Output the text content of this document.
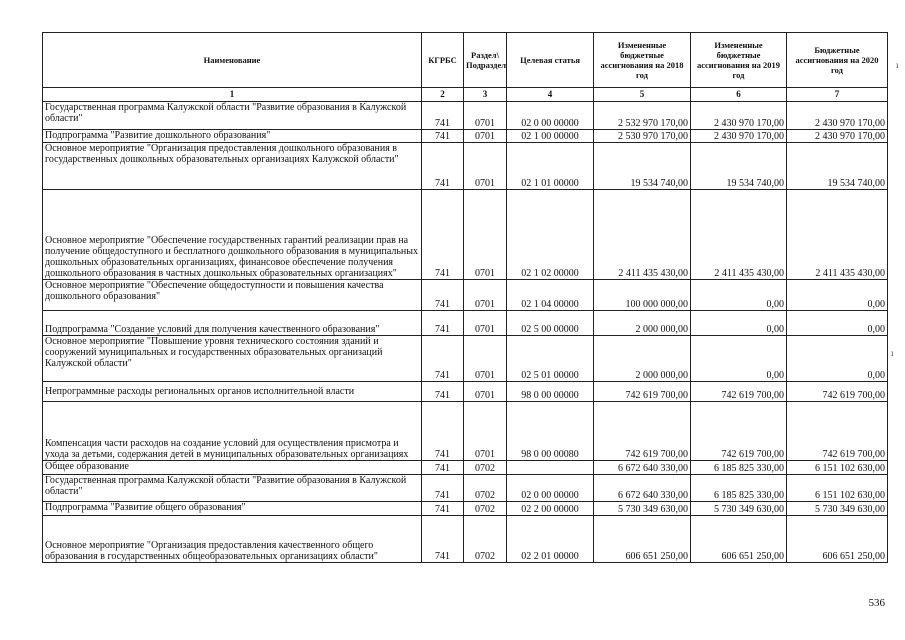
Наименование	КГРБС	Раздел\ Подраздел	Целевая статья	Измененные бюджетные ассигнования на 2018 год	Измененные бюджетные ассигнования на 2019 год	Бюджетные ассигнования на 2020 год
1	2	3	4	5	6	7
Государственная программа Калужской области "Развитие образования в Калужской области"	741	0701	02 0 00 00000	2 532 970 170,00	2 430 970 170,00	2 430 970 170,00
Подпрограмма "Развитие дошкольного образования"	741	0701	02 1 00 00000	2 530 970 170,00	2 430 970 170,00	2 430 970 170,00
Основное мероприятие "Организация предоставления дошкольного образования в государственных дошкольных образовательных организациях Калужской области"	741	0701	02 1 01 00000	19 534 740,00	19 534 740,00	19 534 740,00
Основное мероприятие "Обеспечение государственных гарантий реализации прав на получение общедоступного и бесплатного дошкольного образования в муниципальных дошкольных образовательных организациях, финансовое обеспечение получения дошкольного образования в частных дошкольных образовательных организациях"	741	0701	02 1 02 00000	2 411 435 430,00	2 411 435 430,00	2 411 435 430,00
Основное мероприятие "Обеспечение общедоступности и повышения качества дошкольного образования"	741	0701	02 1 04 00000	100 000 000,00	0,00	0,00
Подпрограмма "Создание условий для получения качественного образования"	741	0701	02 5 00 00000	2 000 000,00	0,00	0,00
Основное мероприятие "Повышение уровня технического состояния зданий и сооружений муниципальных и государственных образовательных организаций Калужской области"	741	0701	02 5 01 00000	2 000 000,00	0,00	0,00
Непрограммные расходы региональных органов исполнительной власти	741	0701	98 0 00 00000	742 619 700,00	742 619 700,00	742 619 700,00
Компенсация части расходов на создание условий для осуществления присмотра и ухода за детьми, содержания детей в муниципальных образовательных организациях	741	0701	98 0 00 00080	742 619 700,00	742 619 700,00	742 619 700,00
Общее образование	741	0702		6 672 640 330,00	6 185 825 330,00	6 151 102 630,00
Государственная программа Калужской области "Развитие образования в Калужской области"	741	0702	02 0 00 00000	6 672 640 330,00	6 185 825 330,00	6 151 102 630,00
Подпрограмма "Развитие общего образования"	741	0702	02 2 00 00000	5 730 349 630,00	5 730 349 630,00	5 730 349 630,00
Основное мероприятие "Организация предоставления качественного общего образования в государственных общеобразовательных организациях области"	741	0702	02 2 01 00000	606 651 250,00	606 651 250,00	606 651 250,00
ı
ı
536
